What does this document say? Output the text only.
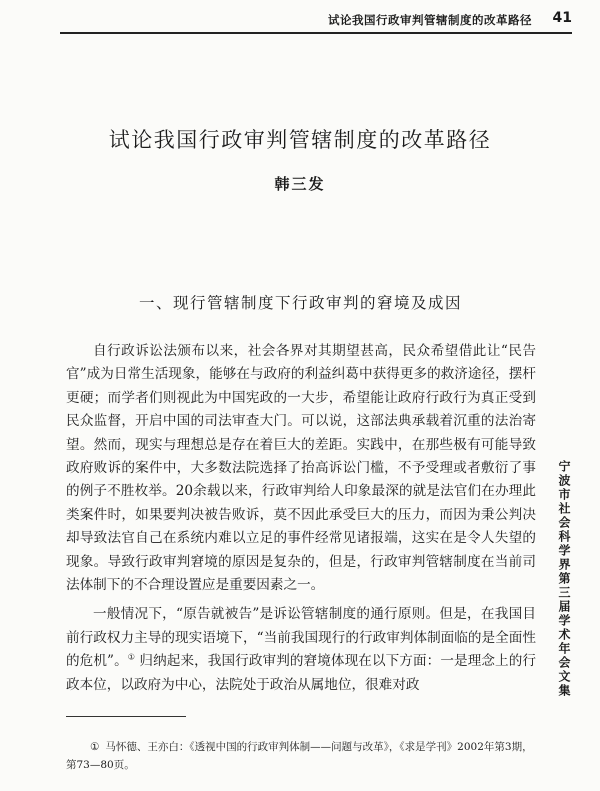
试论我国行政审判管辖制度的改革路径 41
试论我国行政审判管辖制度的改革路径
韩三发
一、现行管辖制度下行政审判的窘境及成因

自行政诉讼法颁布以来，社会各界对其期望甚高，民众希望借此让“民告官”成为日常生活现象，能够在与政府的利益纠葛中获得更多的救济途径，摆杆更硬；而学者们则视此为中国宪政的一大步，希望能让政府行政行为真正受到民众监督，开启中国的司法审查大门。可以说，这部法典承载着沉重的法治寄望。然而，现实与理想总是存在着巨大的差距。实践中，在那些极有可能导致政府败诉的案件中，大多数法院选择了抬高诉讼门槛，不予受理或者敷衍了事的例子不胜枚举。20余载以来，行政审判给人印象最深的就是法官们在办理此类案件时，如果要判决被告败诉，莫不因此承受巨大的压力，而因为秉公判决却导致法官自己在系统内难以立足的事件经常见诸报端，这实在是令人失望的现象。导致行政审判窘境的原因是复杂的，但是，行政审判管辖制度在当前司法体制下的不合理设置应是重要因素之一。

一般情况下，“原告就被告”是诉讼管辖制度的通行原则。但是，在我国目前行政权力主导的现实语境下，“当前我国现行的行政审判体制面临的是全面性的危机”。① 归纳起来，我国行政审判的窘境体现在以下方面：一是理念上的行政本位，以政府为中心，法院处于政治从属地位，很难对政

① 马怀德、王亦白：《透视中国的行政审判体制——问题与改革》，《求是学刊》2002年第3期，第73—80页。
宁波市社会科学界第三届学术年会文集
